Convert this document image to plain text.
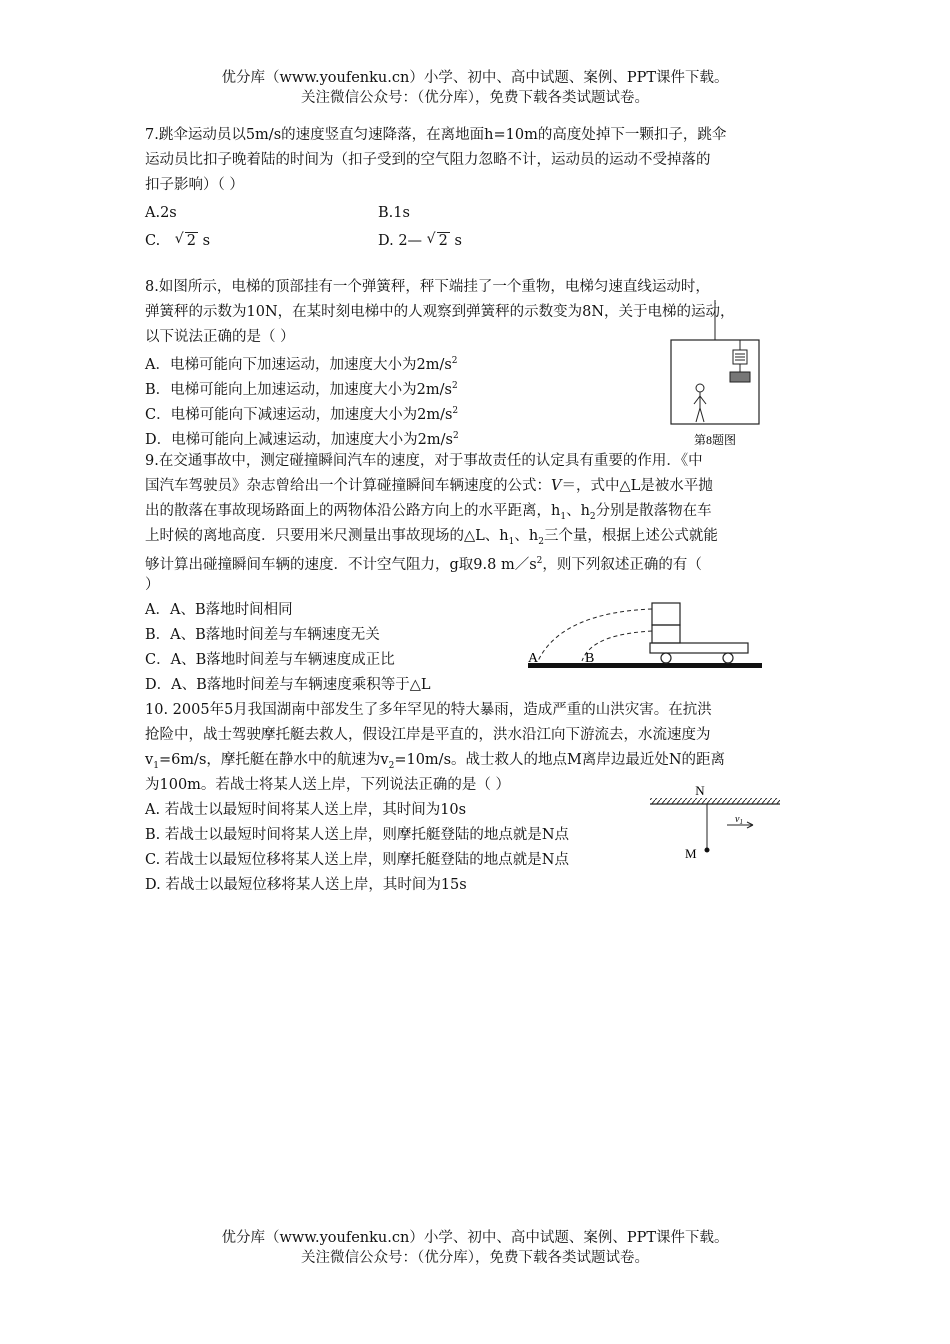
优分库（www.youfenku.cn）小学、初中、高中试题、案例、PPT课件下载。
关注微信公众号：（优分库），免费下载各类试题试卷。
7.跳伞运动员以5m/s的速度竖直匀速降落，在离地面h=10m的高度处掉下一颗扣子，跳伞
运动员比扣子晚着陆的时间为（扣子受到的空气阻力忽略不计，运动员的运动不受掉落的
扣子影响）（ ）
A.2s	B.1s
C. √ 2 s	D. 2— √ 2 s
8.如图所示，电梯的顶部挂有一个弹簧秤，秤下端挂了一个重物，电梯匀速直线运动时，
弹簧秤的示数为10N，在某时刻电梯中的人观察到弹簧秤的示数变为8N，关于电梯的运动，
以下说法正确的是（ ）
A．电梯可能向下加速运动，加速度大小为$2m/s^2$
B．电梯可能向上加速运动，加速度大小为$2m/s^2$
C．电梯可能向下减速运动，加速度大小为$2m/s^2$
D．电梯可能向上减速运动，加速度大小为$2m/s^2$	第8题图
9.在交通事故中，测定碰撞瞬间汽车的速度，对于事故责任的认定具有重要的作用．《中
国汽车驾驶员》杂志曾给出一个计算碰撞瞬间车辆速度的公式：V＝，式中△L是被水平抛
出的散落在事故现场路面上的两物体沿公路方向上的水平距离，$h_1$、$h_2$分别是散落物在车
上时候的离地高度．只要用米尺测量出事故现场的△L、$h_1$、$h_2$三个量，根据上述公式就能
够计算出碰撞瞬间车辆的速度．不计空气阻力，g取9.8 $m/s^2$，则下列叙述正确的有（
）
A．A、B落地时间相同
B．A、B落地时间差与车辆速度无关
C．A、B落地时间差与车辆速度成正比
D．A、B落地时间差与车辆速度乘积等于△L
A	B
10. 2005年5月我国湖南中部发生了多年罕见的特大暴雨，造成严重的山洪灾害。在抗洪
抢险中，战士驾驶摩托艇去救人，假设江岸是平直的，洪水沿江向下游流去，水流速度为
$v_1=6m/s$，摩托艇在静水中的航速为$v_2=10m/s$。战士救人的地点M离岸边最近处N的距离
为100m。若战士将某人送上岸，下列说法正确的是（ ）
A. 若战士以最短时间将某人送上岸，其时间为10s
B. 若战士以最短时间将某人送上岸，则摩托艇登陆的地点就是N点
C. 若战士以最短位移将某人送上岸，则摩托艇登陆的地点就是N点
D. 若战士以最短位移将某人送上岸，其时间为15s
N
M
$v_1$
优分库（www.youfenku.cn）小学、初中、高中试题、案例、PPT课件下载。
关注微信公众号：（优分库），免费下载各类试题试卷。
